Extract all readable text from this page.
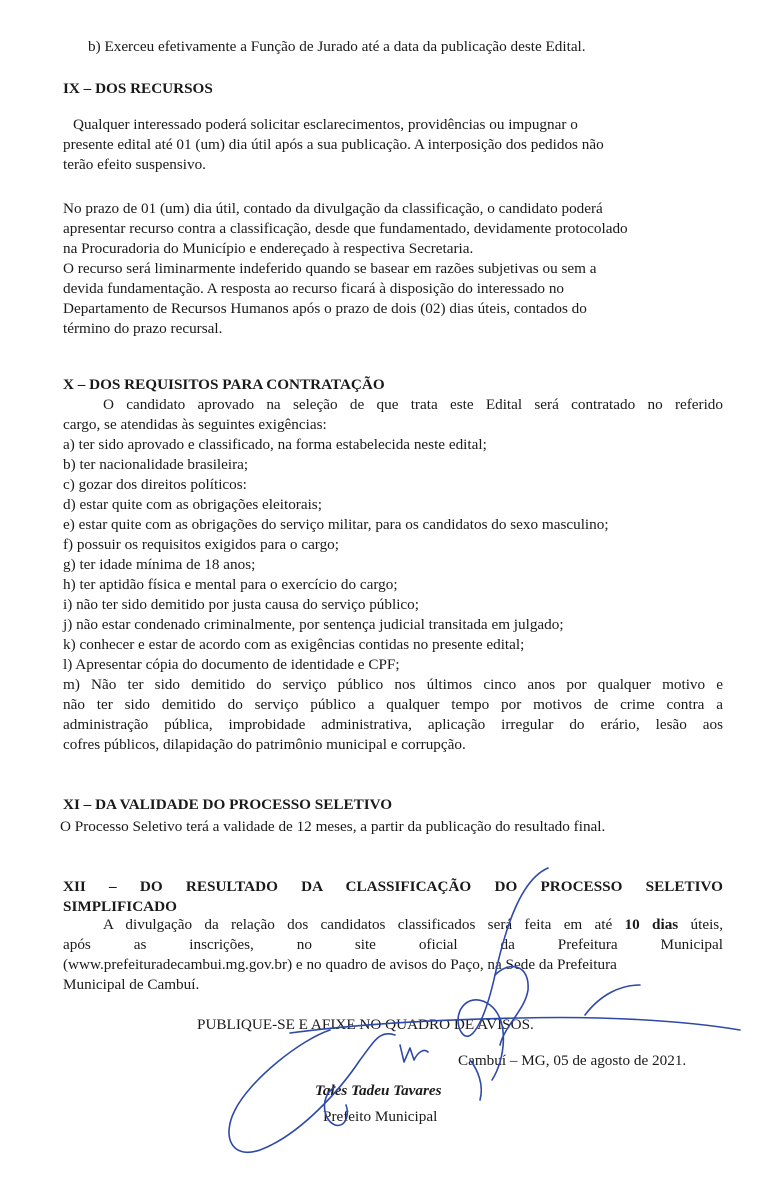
b) Exerceu efetivamente a Função de Jurado até a data da publicação deste Edital.
IX – DOS RECURSOS
Qualquer interessado poderá solicitar esclarecimentos, providências ou impugnar o
presente edital até 01 (um) dia útil após a sua publicação. A interposição dos pedidos não
terão efeito suspensivo.
No prazo de 01 (um) dia útil, contado da divulgação da classificação, o candidato poderá
apresentar recurso contra a classificação, desde que fundamentado, devidamente protocolado
na Procuradoria do Município e endereçado à respectiva Secretaria.
O recurso será liminarmente indeferido quando se basear em razões subjetivas ou sem a
devida fundamentação. A resposta ao recurso ficará à disposição do interessado no
Departamento de Recursos Humanos após o prazo de dois (02) dias úteis, contados do
término do prazo recursal.
X – DOS REQUISITOS PARA CONTRATAÇÃO
O candidato aprovado na seleção de que trata este Edital será contratado no referido
cargo, se atendidas às seguintes exigências:
a) ter sido aprovado e classificado, na forma estabelecida neste edital;
b) ter nacionalidade brasileira;
c) gozar dos direitos políticos:
d) estar quite com as obrigações eleitorais;
e) estar quite com as obrigações do serviço militar, para os candidatos do sexo masculino;
f) possuir os requisitos exigidos para o cargo;
g) ter idade mínima de 18 anos;
h) ter aptidão física e mental para o exercício do cargo;
i) não ter sido demitido por justa causa do serviço público;
j) não estar condenado criminalmente, por sentença judicial transitada em julgado;
k) conhecer e estar de acordo com as exigências contidas no presente edital;
l) Apresentar cópia do documento de identidade e CPF;
m) Não ter sido demitido do serviço público nos últimos cinco anos por qualquer motivo e
não ter sido demitido do serviço público a qualquer tempo por motivos de crime contra a
administração pública, improbidade administrativa, aplicação irregular do erário, lesão aos
cofres públicos, dilapidação do patrimônio municipal e corrupção.
XI – DA VALIDADE DO PROCESSO SELETIVO
O Processo Seletivo terá a validade de 12 meses, a partir da publicação do resultado final.
XII – DO RESULTADO DA CLASSIFICAÇÃO DO PROCESSO SELETIVO
SIMPLIFICADO
A divulgação da relação dos candidatos classificados será feita em até 10 dias úteis,
após as inscrições, no site oficial da Prefeitura Municipal
(www.prefeituradecambui.mg.gov.br) e no quadro de avisos do Paço, na Sede da Prefeitura
Municipal de Cambuí.
PUBLIQUE-SE E AFIXE NO QUADRO DE AVISOS.
Cambuí – MG, 05 de agosto de 2021.
Tales Tadeu Tavares
Prefeito Municipal
